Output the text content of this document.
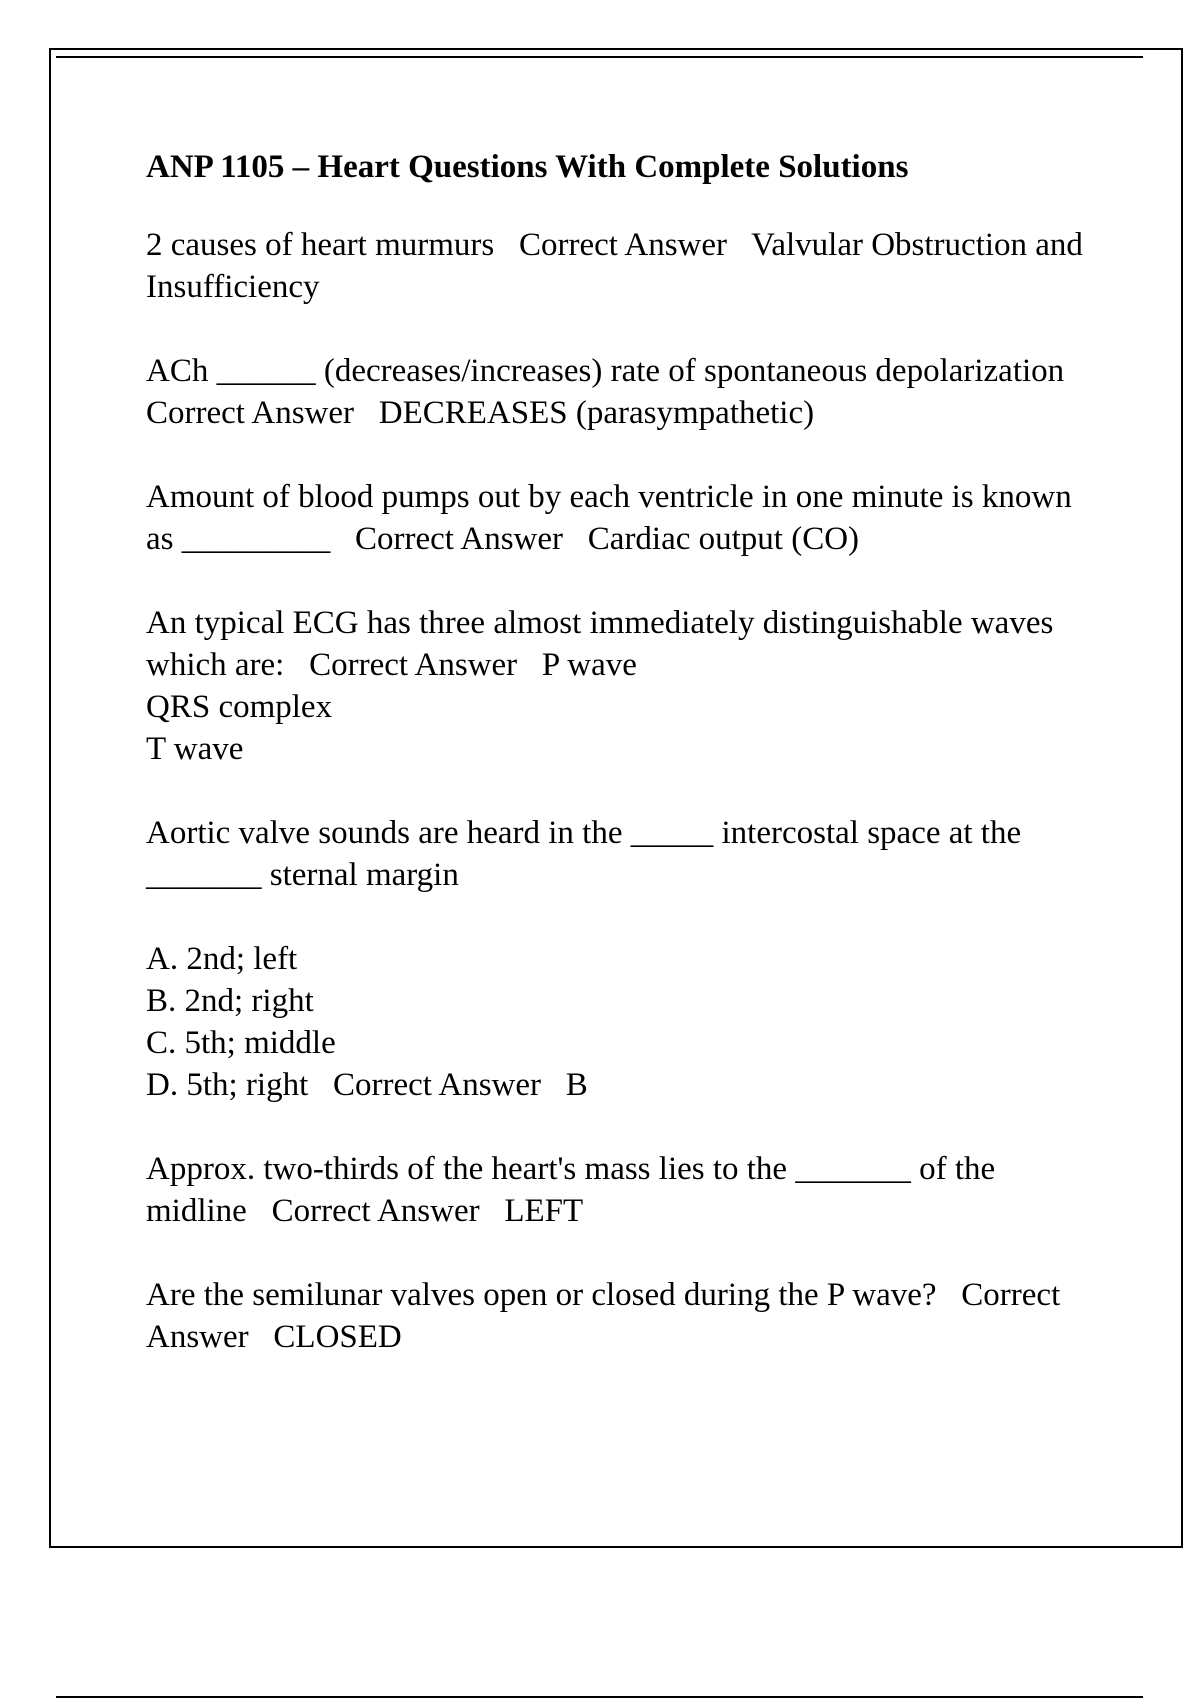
ANP 1105 – Heart Questions With Complete Solutions
2 causes of heart murmurs Correct Answer Valvular Obstruction and Insufficiency
ACh ______ (decreases/increases) rate of spontaneous depolarization   Correct Answer DECREASES (parasympathetic)
Amount of blood pumps out by each ventricle in one minute is known as _________ Correct Answer Cardiac output (CO)
An typical ECG has three almost immediately distinguishable waves which are: Correct Answer P wave
QRS complex
T wave
Aortic valve sounds are heard in the _____ intercostal space at the _______ sternal margin
A. 2nd; left
B. 2nd; right
C. 5th; middle
D. 5th; right Correct Answer B
Approx. two-thirds of the heart's mass lies to the _______ of the midline Correct Answer LEFT
Are the semilunar valves open or closed during the P wave? Correct Answer CLOSED
